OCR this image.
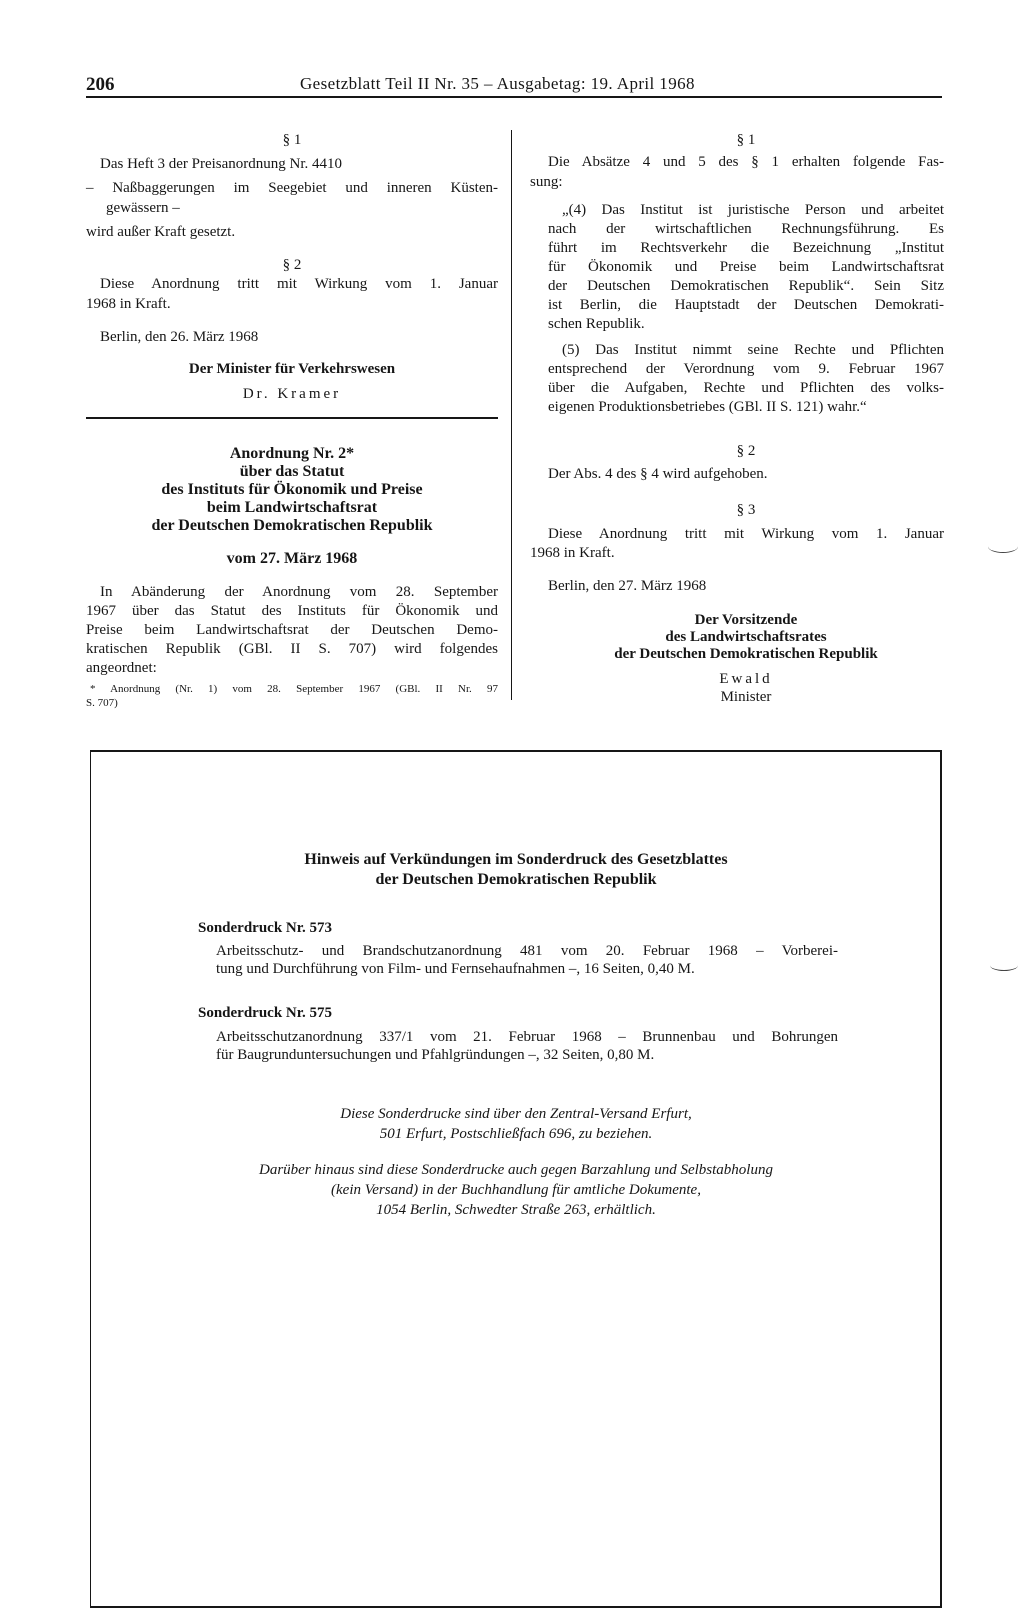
206	Gesetzblatt Teil II Nr. 35 – Ausgabetag: 19. April 1968
§ 1
Das Heft 3 der Preisanordnung Nr. 4410
– Naßbaggerungen im Seegebiet und inneren Küsten-
gewässern –
wird außer Kraft gesetzt.
§ 2
Diese Anordnung tritt mit Wirkung vom 1. Januar
1968 in Kraft.
Berlin, den 26. März 1968
Der Minister für Verkehrswesen
Dr. Kramer
Anordnung Nr. 2*
über das Statut
des Instituts für Ökonomik und Preise
beim Landwirtschaftsrat
der Deutschen Demokratischen Republik
vom 27. März 1968
In Abänderung der Anordnung vom 28. September
1967 über das Statut des Instituts für Ökonomik und
Preise beim Landwirtschaftsrat der Deutschen Demo-
kratischen Republik (GBl. II S. 707) wird folgendes
angeordnet:
* Anordnung (Nr. 1) vom 28. September 1967 (GBl. II Nr. 97
S. 707)
§ 1
Die Absätze 4 und 5 des § 1 erhalten folgende Fas-
sung:
„(4) Das Institut ist juristische Person und arbeitet
nach der wirtschaftlichen Rechnungsführung. Es
führt im Rechtsverkehr die Bezeichnung „Institut
für Ökonomik und Preise beim Landwirtschaftsrat
der Deutschen Demokratischen Republik“. Sein Sitz
ist Berlin, die Hauptstadt der Deutschen Demokrati-
schen Republik.
(5) Das Institut nimmt seine Rechte und Pflichten
entsprechend der Verordnung vom 9. Februar 1967
über die Aufgaben, Rechte und Pflichten des volks-
eigenen Produktionsbetriebes (GBl. II S. 121) wahr.“
§ 2
Der Abs. 4 des § 4 wird aufgehoben.
§ 3
Diese Anordnung tritt mit Wirkung vom 1. Januar
1968 in Kraft.
Berlin, den 27. März 1968
Der Vorsitzende
des Landwirtschaftsrates
der Deutschen Demokratischen Republik
Ewald
Minister
Hinweis auf Verkündungen im Sonderdruck des Gesetzblattes
der Deutschen Demokratischen Republik
Sonderdruck Nr. 573
Arbeitsschutz- und Brandschutzanordnung 481 vom 20. Februar 1968 – Vorberei-
tung und Durchführung von Film- und Fernsehaufnahmen –, 16 Seiten, 0,40 M.
Sonderdruck Nr. 575
Arbeitsschutzanordnung 337/1 vom 21. Februar 1968 – Brunnenbau und Bohrungen
für Baugrunduntersuchungen und Pfahlgründungen –, 32 Seiten, 0,80 M.
Diese Sonderdrucke sind über den Zentral-Versand Erfurt,
501 Erfurt, Postschließfach 696, zu beziehen.
Darüber hinaus sind diese Sonderdrucke auch gegen Barzahlung und Selbstabholung
(kein Versand) in der Buchhandlung für amtliche Dokumente,
1054 Berlin, Schwedter Straße 263, erhältlich.
